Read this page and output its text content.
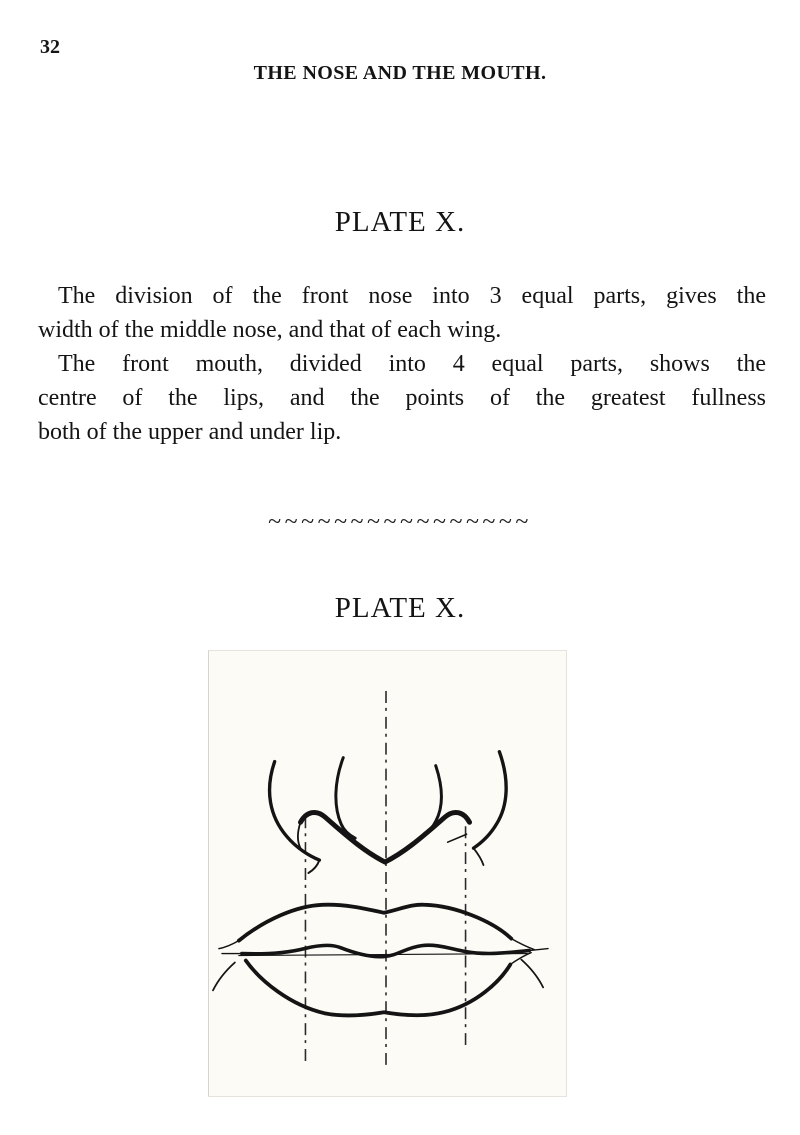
32
THE NOSE AND THE MOUTH.
PLATE X.
The division of the front nose into 3 equal parts, gives the
width of the middle nose, and that of each wing.
The front mouth, divided into 4 equal parts, shows the
centre of the lips, and the points of the greatest fullness
both of the upper and under lip.
~~~~~~~~~~~~~~~~
PLATE X.
